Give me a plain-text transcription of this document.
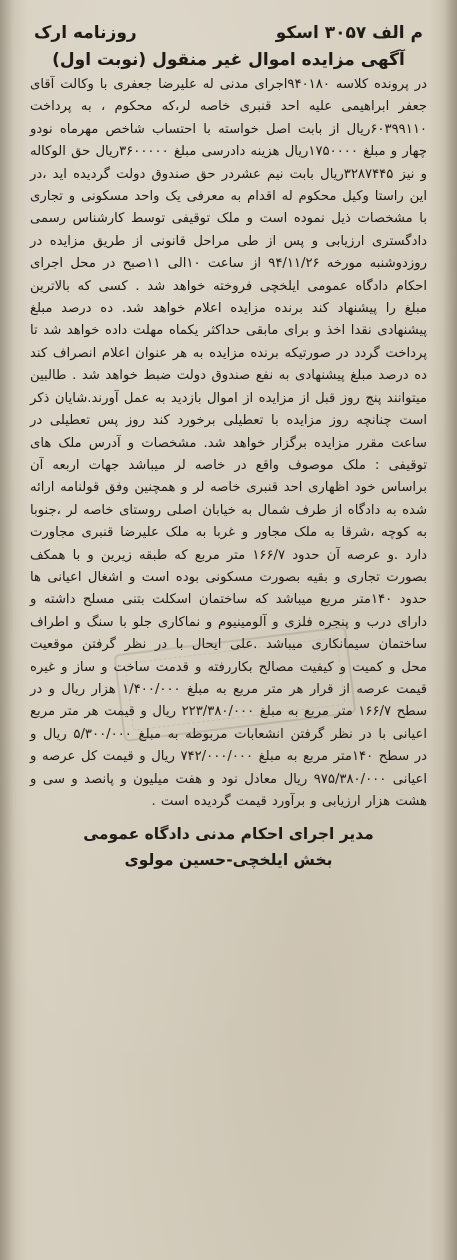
م الف ۳۰۵۷ اسکو
روزنامه ارک
آگهی مزایده اموال غیر منقول (نوبت اول)

در پرونده کلاسه ۹۴۰۱۸۰اجرای مدنی له علیرضا جعفری با وکالت آقای جعفر ابراهیمی علیه احد قنبری خاصه لر،که محکوم ، به پرداخت ۶۰۳۹۹۱۱۰ریال از بابت اصل خواسته با احتساب شاخص مهرماه نودو چهار و مبلغ ۱۷۵۰۰۰۰ریال هزینه دادرسی مبلغ ۳۶۰۰۰۰۰ریال حق الوکاله و نیز ۳۲۸۷۴۴۵ریال بابت نیم عشردر حق صندوق دولت گردیده اید ،در این راستا وکیل محکوم له اقدام به معرفی یک واحد مسکونی و تجاری با مشخصات ذیل نموده است و ملک توقیفی توسط کارشناس رسمی دادگستری ارزیابی و پس از طی مراحل قانونی از طریق مزایده در روزدوشنبه مورخه ۹۴/۱۱/۲۶ از ساعت ۱۰الی ۱۱صبح در محل اجرای احکام دادگاه عمومی ایلخچی فروخته خواهد شد . کسی که بالاترین مبلغ را پیشنهاد کند برنده مزایده اعلام خواهد شد. ده درصد مبلغ پیشنهادی نقدا اخذ و برای مابقی حداکثر یکماه مهلت داده خواهد شد تا پرداخت گردد در صورتیکه برنده مزایده به هر عنوان اعلام انصراف کند ده درصد مبلغ پیشنهادی به نفع صندوق دولت ضبط خواهد شد . طالبین میتوانند پنج روز قبل از مزایده از اموال بازدید به عمل آورند.شایان ذکر است چنانچه روز مزایده با تعطیلی برخورد کند روز پس تعطیلی در ساعت مقرر مزایده برگزار خواهد شد. مشخصات و آدرس ملک های توقیفی : ملک موصوف واقع در خاصه لر میباشد جهات اربعه آن براساس خود اظهاری احد قنبری خاصه لر و همچنین وفق قولنامه ارائه شده به دادگاه از طرف شمال به خیابان اصلی روستای خاصه لر ،جنوبا به کوچه ،شرقا به ملک مجاور و غربا به ملک علیرضا قنبری مجاورت دارد .و عرصه آن حدود ۱۶۶/۷ متر مربع که طبقه زیرین و با همکف بصورت تجاری و بقیه بصورت مسکونی بوده است و اشغال اعیانی ها حدود ۱۴۰متر مربع میباشد که ساختمان اسکلت بتنی مسلح داشته و دارای درب و پنجره فلزی و آلومینیوم و نماکاری جلو با سنگ و اطراف ساختمان سیمانکاری میباشد .علی ایحال با در نظر گرفتن موقعیت محل و کمیت و کیفیت مصالح بکاررفته و قدمت ساخت و ساز و غیره قیمت عرصه از قرار هر متر مربع به مبلغ ۱/۴۰۰/۰۰۰ هزار ریال و در سطح ۱۶۶/۷ متر مربع به مبلغ ۲۲۳/۳۸۰/۰۰۰ ریال و قیمت هر متر مربع اعیانی با در نظر گرفتن انشعابات مربوطه به مبلغ ۵/۳۰۰/۰۰۰ ریال و در سطح ۱۴۰متر مربع به مبلغ ۷۴۲/۰۰۰/۰۰۰ ریال و قیمت کل عرصه و اعیانی ۹۷۵/۳۸۰/۰۰۰ ریال معادل نود و هفت میلیون و پانصد و سی و هشت هزار ارزیابی و برآورد قیمت گردیده است .

مدیر اجرای احکام مدنی دادگاه عمومی
بخش ایلخچی-حسین مولوی
